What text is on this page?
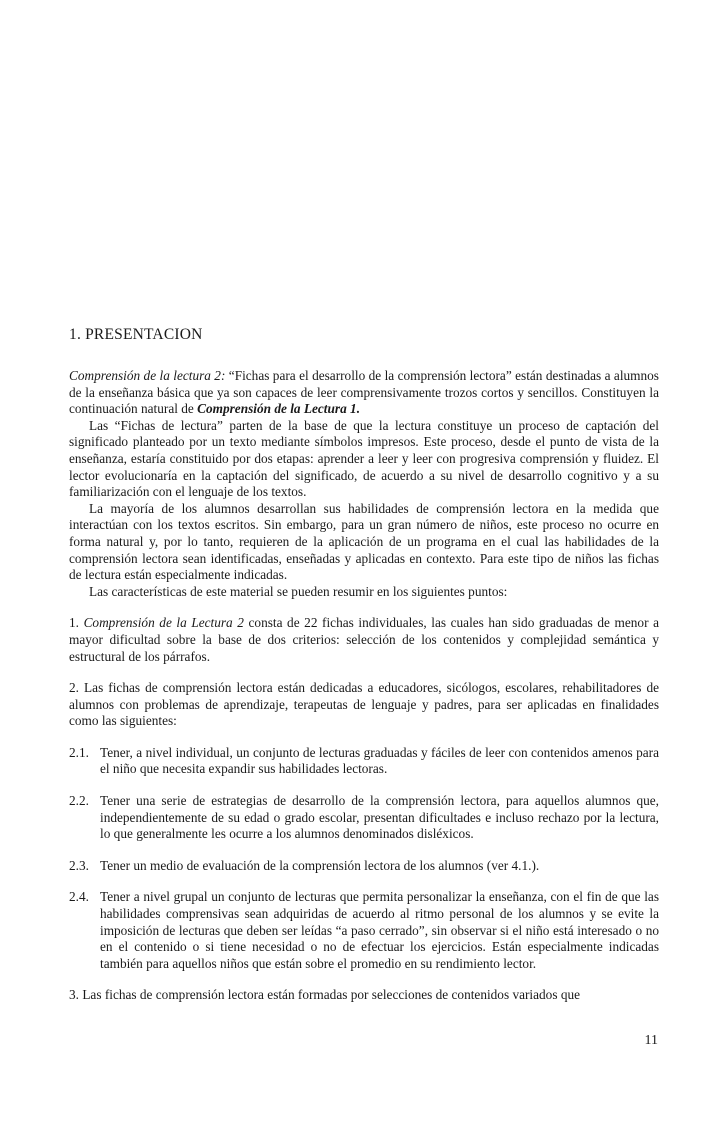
1. PRESENTACION

Comprensión de la lectura 2: “Fichas para el desarrollo de la comprensión lectora” están destinadas a alumnos de la enseñanza básica que ya son capaces de leer comprensivamente trozos cortos y sencillos. Constituyen la continuación natural de Comprensión de la Lectura 1.

Las “Fichas de lectura” parten de la base de que la lectura constituye un proceso de captación del significado planteado por un texto mediante símbolos impresos. Este proceso, desde el punto de vista de la enseñanza, estaría constituido por dos etapas: aprender a leer y leer con progresiva comprensión y fluidez. El lector evolucionaría en la captación del significado, de acuerdo a su nivel de desarrollo cognitivo y a su familiarización con el lenguaje de los textos.

La mayoría de los alumnos desarrollan sus habilidades de comprensión lectora en la medida que interactúan con los textos escritos. Sin embargo, para un gran número de niños, este proceso no ocurre en forma natural y, por lo tanto, requieren de la aplicación de un programa en el cual las habilidades de la comprensión lectora sean identificadas, enseñadas y aplicadas en contexto. Para este tipo de niños las fichas de lectura están especialmente indicadas.

Las características de este material se pueden resumir en los siguientes puntos:

1. Comprensión de la Lectura 2 consta de 22 fichas individuales, las cuales han sido graduadas de menor a mayor dificultad sobre la base de dos criterios: selección de los contenidos y complejidad semántica y estructural de los párrafos.

2. Las fichas de comprensión lectora están dedicadas a educadores, sicólogos, escolares, rehabilitadores de alumnos con problemas de aprendizaje, terapeutas de lenguaje y padres, para ser aplicadas en finalidades como las siguientes:

2.1. Tener, a nivel individual, un conjunto de lecturas graduadas y fáciles de leer con contenidos amenos para el niño que necesita expandir sus habilidades lectoras.

2.2. Tener una serie de estrategias de desarrollo de la comprensión lectora, para aquellos alumnos que, independientemente de su edad o grado escolar, presentan dificultades e incluso rechazo por la lectura, lo que generalmente les ocurre a los alumnos denominados disléxicos.

2.3. Tener un medio de evaluación de la comprensión lectora de los alumnos (ver 4.1.).

2.4. Tener a nivel grupal un conjunto de lecturas que permita personalizar la enseñanza, con el fin de que las habilidades comprensivas sean adquiridas de acuerdo al ritmo personal de los alumnos y se evite la imposición de lecturas que deben ser leídas “a paso cerrado”, sin observar si el niño está interesado o no en el contenido o si tiene necesidad o no de efectuar los ejercicios. Están especialmente indicadas también para aquellos niños que están sobre el promedio en su rendimiento lector.

3. Las fichas de comprensión lectora están formadas por selecciones de contenidos variados que

11
